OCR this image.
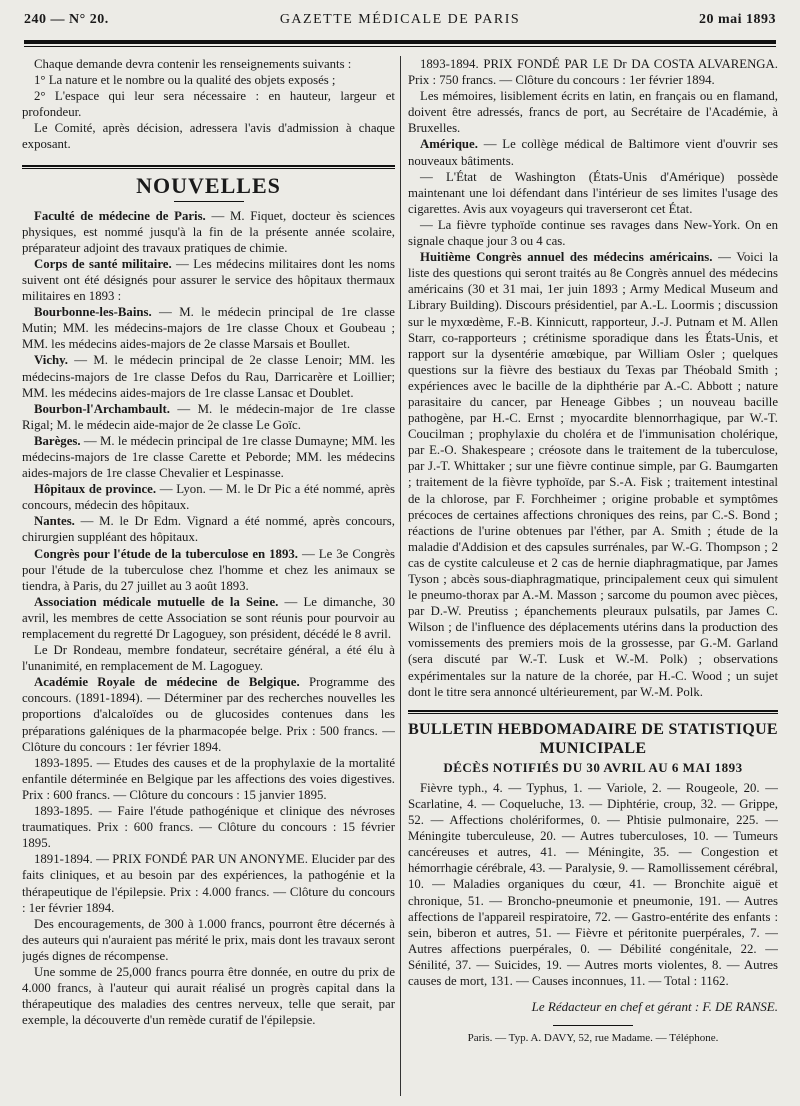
240 — N° 20.	GAZETTE MÉDICALE DE PARIS	20 mai 1893

Chaque demande devra contenir les renseignements suivants :

1° La nature et le nombre ou la qualité des objets exposés ;

2° L'espace qui leur sera nécessaire : en hauteur, largeur et profondeur.

Le Comité, après décision, adressera l'avis d'admission à chaque exposant.

NOUVELLES

Faculté de médecine de Paris. — M. Fiquet, docteur ès sciences physiques, est nommé jusqu'à la fin de la présente année scolaire, préparateur adjoint des travaux pratiques de chimie.

Corps de santé militaire. — Les médecins militaires dont les noms suivent ont été désignés pour assurer le service des hôpitaux thermaux militaires en 1893 :

Bourbonne-les-Bains. — M. le médecin principal de 1re classe Mutin; MM. les médecins-majors de 1re classe Choux et Goubeau ; MM. les médecins aides-majors de 2e classe Marsais et Boullet.

Vichy. — M. le médecin principal de 2e classe Lenoir; MM. les médecins-majors de 1re classe Defos du Rau, Darricarère et Loillier; MM. les médecins aides-majors de 1re classe Lansac et Doublet.

Bourbon-l'Archambault. — M. le médecin-major de 1re classe Rigal; M. le médecin aide-major de 2e classe Le Goïc.

Barèges. — M. le médecin principal de 1re classe Dumayne; MM. les médecins-majors de 1re classe Carette et Peborde; MM. les médecins aides-majors de 1re classe Chevalier et Lespinasse.

Hôpitaux de province. — Lyon. — M. le Dr Pic a été nommé, après concours, médecin des hôpitaux.

Nantes. — M. le Dr Edm. Vignard a été nommé, après concours, chirurgien suppléant des hôpitaux.

Congrès pour l'étude de la tuberculose en 1893. — Le 3e Congrès pour l'étude de la tuberculose chez l'homme et chez les animaux se tiendra, à Paris, du 27 juillet au 3 août 1893.

Association médicale mutuelle de la Seine. — Le dimanche, 30 avril, les membres de cette Association se sont réunis pour pourvoir au remplacement du regretté Dr Lagoguey, son président, décédé le 8 avril.

Le Dr Rondeau, membre fondateur, secrétaire général, a été élu à l'unanimité, en remplacement de M. Lagoguey.

Académie Royale de médecine de Belgique. Programme des concours. (1891-1894). — Déterminer par des recherches nouvelles les proportions d'alcaloïdes ou de glucosides contenues dans les préparations galéniques de la pharmacopée belge. Prix : 500 francs. — Clôture du concours : 1er février 1894.

1893-1895. — Etudes des causes et de la prophylaxie de la mortalité enfantile déterminée en Belgique par les affections des voies digestives. Prix : 600 francs. — Clôture du concours : 15 janvier 1895.

1893-1895. — Faire l'étude pathogénique et clinique des névroses traumatiques. Prix : 600 francs. — Clôture du concours : 15 février 1895.

1891-1894. — PRIX FONDÉ PAR UN ANONYME. Elucider par des faits cliniques, et au besoin par des expériences, la pathogénie et la thérapeutique de l'épilepsie. Prix : 4.000 francs. — Clôture du concours : 1er février 1894.

Des encouragements, de 300 à 1.000 francs, pourront être décernés à des auteurs qui n'auraient pas mérité le prix, mais dont les travaux seront jugés dignes de récompense.

Une somme de 25,000 francs pourra être donnée, en outre du prix de 4.000 francs, à l'auteur qui aurait réalisé un progrès capital dans la thérapeutique des maladies des centres nerveux, telle que serait, par exemple, la découverte d'un remède curatif de l'épilepsie.

1893-1894. PRIX FONDÉ PAR LE Dr DA COSTA ALVARENGA. Prix : 750 francs. — Clôture du concours : 1er février 1894.

Les mémoires, lisiblement écrits en latin, en français ou en flamand, doivent être adressés, francs de port, au Secrétaire de l'Académie, à Bruxelles.

Amérique. — Le collège médical de Baltimore vient d'ouvrir ses nouveaux bâtiments.

— L'État de Washington (États-Unis d'Amérique) possède maintenant une loi défendant dans l'intérieur de ses limites l'usage des cigarettes. Avis aux voyageurs qui traverseront cet État.

— La fièvre typhoïde continue ses ravages dans New-York. On en signale chaque jour 3 ou 4 cas.

Huitième Congrès annuel des médecins américains. — Voici la liste des questions qui seront traités au 8e Congrès annuel des médecins américains (30 et 31 mai, 1er juin 1893 ; Army Medical Museum and Library Building). Discours présidentiel, par A.-L. Loormis ; discussion sur le myxœdème, F.-B. Kinnicutt, rapporteur, J.-J. Putnam et M. Allen Starr, co-rapporteurs ; crétinisme sporadique dans les États-Unis, et rapport sur la dysentérie amœbique, par William Osler ; quelques questions sur la fièvre des bestiaux du Texas par Théobald Smith ; expériences avec le bacille de la diphthérie par A.-C. Abbott ; nature parasitaire du cancer, par Heneage Gibbes ; un nouveau bacille pathogène, par H.-C. Ernst ; myocardite blennorrhagique, par W.-T. Coucilman ; prophylaxie du choléra et de l'immunisation cholérique, par E.-O. Shakespeare ; créosote dans le traitement de la tuberculose, par J.-T. Whittaker ; sur une fièvre continue simple, par G. Baumgarten ; traitement de la fièvre typhoïde, par S.-A. Fisk ; traitement intestinal de la chlorose, par F. Forchheimer ; origine probable et symptômes précoces de certaines affections chroniques des reins, par C.-S. Bond ; réactions de l'urine obtenues par l'éther, par A. Smith ; étude de la maladie d'Addision et des capsules surrénales, par W.-G. Thompson ; 2 cas de cystite calculeuse et 2 cas de hernie diaphragmatique, par James Tyson ; abcès sous-diaphragmatique, principalement ceux qui simulent le pneumo-thorax par A.-M. Masson ; sarcome du poumon avec pièces, par D.-W. Preutiss ; épanchements pleuraux pulsatils, par James C. Wilson ; de l'influence des déplacements utérins dans la production des vomissements des premiers mois de la grossesse, par G.-M. Garland (sera discuté par W.-T. Lusk et W.-M. Polk) ; observations expérimentales sur la nature de la chorée, par H.-C. Wood ; un sujet dont le titre sera annoncé ultérieurement, par W.-M. Polk.

BULLETIN HEBDOMADAIRE DE STATISTIQUE MUNICIPALE
DÉCÈS NOTIFIÉS DU 30 AVRIL AU 6 MAI 1893

Fièvre typh., 4. — Typhus, 1. — Variole, 2. — Rougeole, 20. — Scarlatine, 4. — Coqueluche, 13. — Diphtérie, croup, 32. — Grippe, 52. — Affections cholériformes, 0. — Phtisie pulmonaire, 225. — Méningite tuberculeuse, 20. — Autres tuberculoses, 10. — Tumeurs cancéreuses et autres, 41. — Méningite, 35. — Congestion et hémorrhagie cérébrale, 43. — Paralysie, 9. — Ramollissement cérébral, 10. — Maladies organiques du cœur, 41. — Bronchite aiguë et chronique, 51. — Broncho-pneumonie et pneumonie, 191. — Autres affections de l'appareil respiratoire, 72. — Gastro-entérite des enfants : sein, biberon et autres, 51. — Fièvre et péritonite puerpérales, 7. — Autres affections puerpérales, 0. — Débilité congénitale, 22. — Sénilité, 37. — Suicides, 19. — Autres morts violentes, 8. — Autres causes de mort, 131. — Causes inconnues, 11. — Total : 1162.

Le Rédacteur en chef et gérant : F. DE RANSE.
Paris. — Typ. A. DAVY, 52, rue Madame. — Téléphone.
